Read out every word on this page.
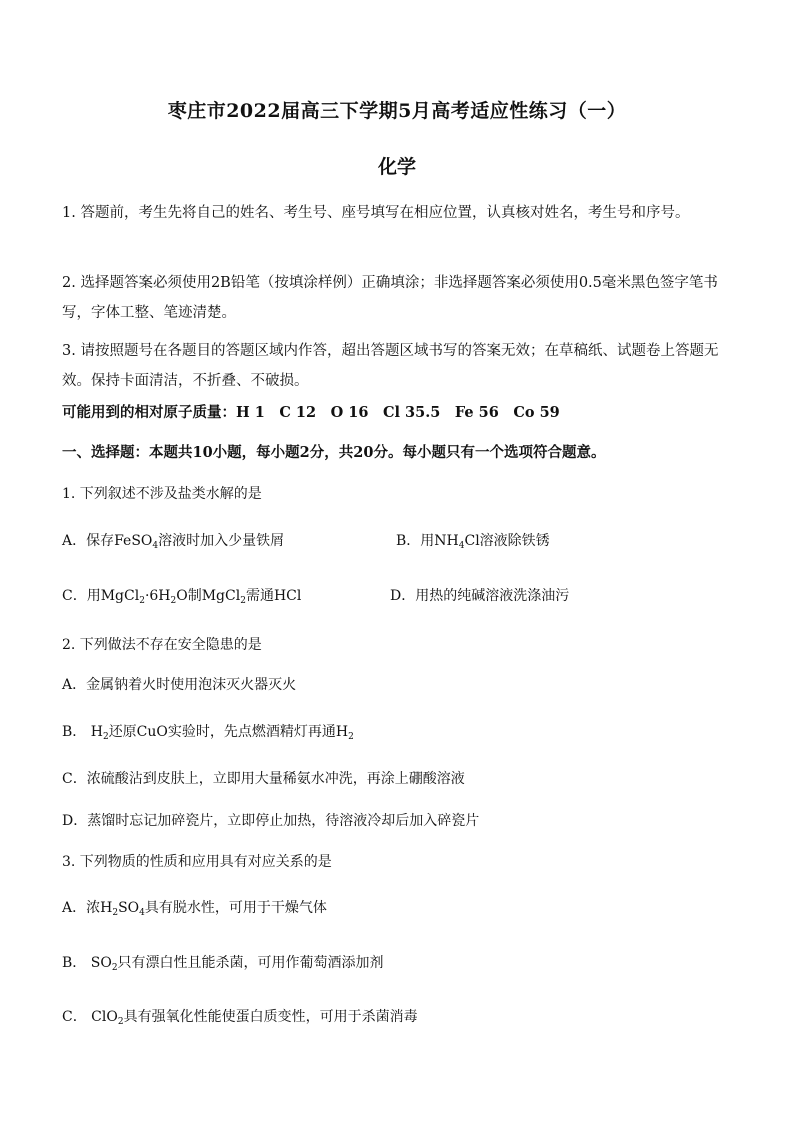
枣庄市2022届高三下学期5月高考适应性练习（一）
化学
1. 答题前，考生先将自己的姓名、考生号、座号填写在相应位置，认真核对姓名，考生号和序号。
2. 选择题答案必须使用2B铅笔（按填涂样例）正确填涂；非选择题答案必须使用0.5毫米黑色签字笔书写，字体工整、笔迹清楚。
3. 请按照题号在各题目的答题区域内作答，超出答题区域书写的答案无效；在草稿纸、试题卷上答题无效。保持卡面清洁，不折叠、不破损。
可能用到的相对原子质量：H 1　C 12　O 16　Cl 35.5　Fe 56　Co 59
一、选择题：本题共10小题，每小题2分，共20分。每小题只有一个选项符合题意。
1. 下列叙述不涉及盐类水解的是
A．保存FeSO$_4$溶液时加入少量铁屑	B．用$NH_4Cl$溶液除铁锈
C．用$MgCl_2\cdot 6H_2O$制MgCl$_2$需通HCl	D．用热的纯碱溶液洗涤油污
2. 下列做法不存在安全隐患的是
A．金属钠着火时使用泡沫灭火器灭火
B． $H_2$还原CuO实验时，先点燃酒精灯再通$H_2$
C．浓硫酸沾到皮肤上，立即用大量稀氨水冲洗，再涂上硼酸溶液
D．蒸馏时忘记加碎瓷片，立即停止加热，待溶液冷却后加入碎瓷片
3. 下列物质的性质和应用具有对应关系的是
A．浓$H_2SO_4$具有脱水性，可用于干燥气体
B． $SO_2$只有漂白性且能杀菌，可用作葡萄酒添加剂
C． ClO$_2$具有强氧化性能使蛋白质变性，可用于杀菌消毒
